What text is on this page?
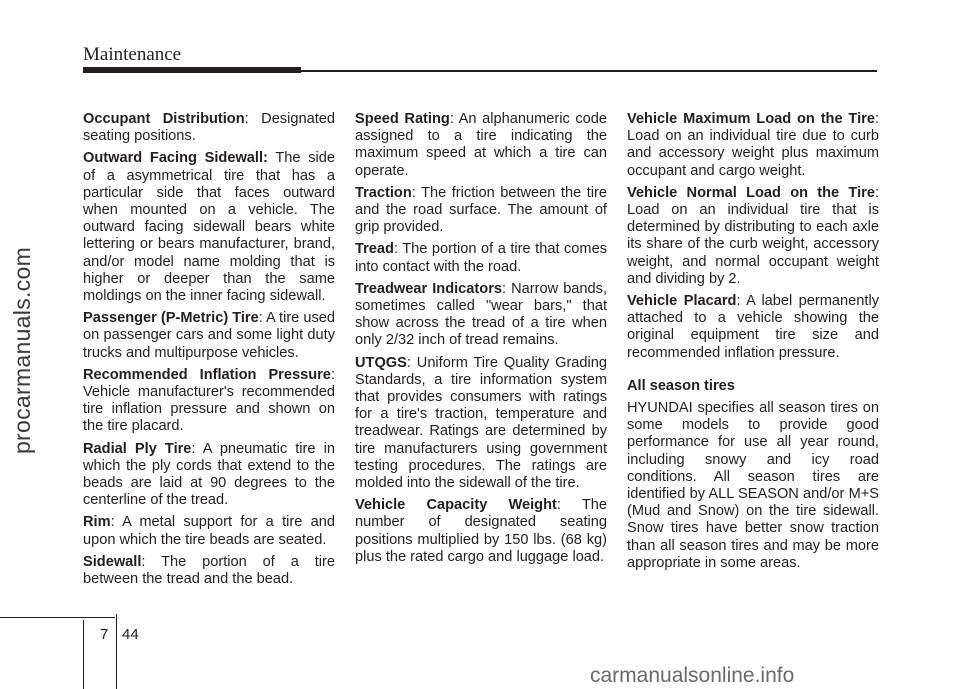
Maintenance
procarmanuals.com

Occupant Distribution: Designated seating positions.

Outward Facing Sidewall: The side of a asymmetrical tire that has a particular side that faces outward when mounted on a vehicle. The outward facing sidewall bears white lettering or bears manufacturer, brand, and/or model name molding that is higher or deeper than the same moldings on the inner facing sidewall.

Passenger (P-Metric) Tire: A tire used on passenger cars and some light duty trucks and multipurpose vehicles.

Recommended Inflation Pressure: Vehicle manufacturer's recommended tire inflation pressure and shown on the tire placard.

Radial Ply Tire: A pneumatic tire in which the ply cords that extend to the beads are laid at 90 degrees to the centerline of the tread.

Rim: A metal support for a tire and upon which the tire beads are seated.

Sidewall: The portion of a tire between the tread and the bead.

Speed Rating: An alphanumeric code assigned to a tire indicating the maximum speed at which a tire can operate.

Traction: The friction between the tire and the road surface. The amount of grip provided.

Tread: The portion of a tire that comes into contact with the road.

Treadwear Indicators: Narrow bands, sometimes called "wear bars," that show across the tread of a tire when only 2/32 inch of tread remains.

UTQGS: Uniform Tire Quality Grading Standards, a tire information system that provides consumers with ratings for a tire's traction, temperature and treadwear. Ratings are determined by tire manufacturers using government testing procedures. The ratings are molded into the sidewall of the tire.

Vehicle Capacity Weight: The number of designated seating positions multiplied by 150 lbs. (68 kg) plus the rated cargo and luggage load.

Vehicle Maximum Load on the Tire: Load on an individual tire due to curb and accessory weight plus maximum occupant and cargo weight.

Vehicle Normal Load on the Tire: Load on an individual tire that is determined by distributing to each axle its share of the curb weight, accessory weight, and normal occupant weight and dividing by 2.

Vehicle Placard: A label permanently attached to a vehicle showing the original equipment tire size and recommended inflation pressure.

All season tires

HYUNDAI specifies all season tires on some models to provide good performance for use all year round, including snowy and icy road conditions. All season tires are identified by ALL SEASON and/or M+S (Mud and Snow) on the tire sidewall. Snow tires have better snow traction than all season tires and may be more appropriate in some areas.

7 44
carmanualsonline.info
